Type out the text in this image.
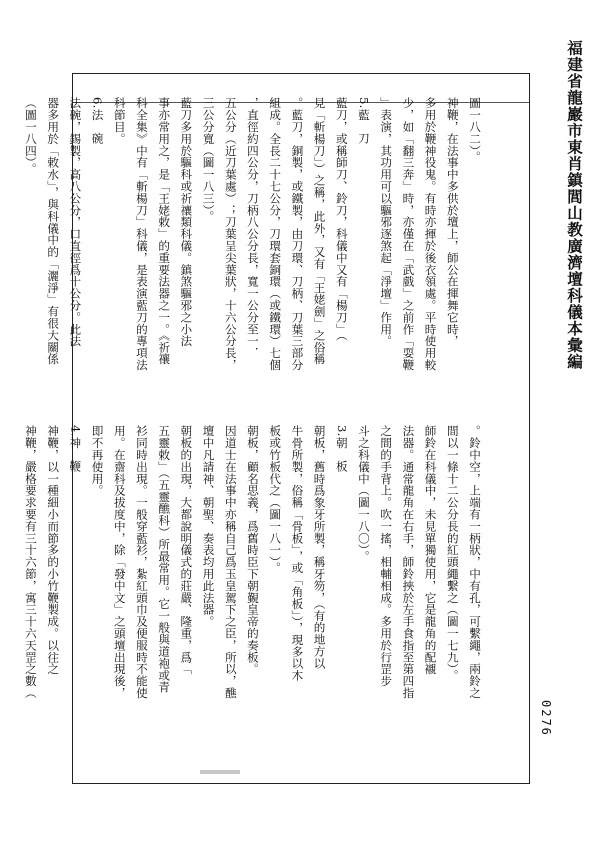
福建省龍巖市東肖鎮閭山教廣濟壇科儀本彙編
圖一八二）。
神鞭，在法事中多供於壇上，師公在揮舞它時，
多用於鞭神役鬼。有時亦揮於後衣領處。平時使用較
少，如「翻三奔」時，亦僅在「武戲」之前作「耍鞭
」表演，其功用可以驅邪逐煞起「淨壇」作用。
5.藍　刀
藍刀，或稱師刀、鈴刀，科儀中又有「楊刀」（
見「斬楊刀」）之稱，此外，又有「王姥劍」之俗稱
。藍刀，銅製，或鐵製，由刀環、刀柄、刀葉三部分
組成。全長二十七公分，刀環套銅環（或鐵環）七個
，直徑約四公分，刀柄八公分長，寬一公分至一．
五公分（近刀葉處）；刀葉呈尖葉狀，十六公分長，
三公分寬（圖一八三）。
藍刀多用於驅科或祈禳類科儀。鎮煞驅邪之小法
事亦常用之，是「王姥敕」的重要法器之一。《祈禳
科全集》中有「斬楊刀」科儀，是表演藍刀的專項法
科節目。
6.法　碗
法碗，錫製，高八公分，口直徑爲十公分。此法
器多用於「敕水」，與科儀中的「灑淨」有很大關係
（圖一八四）。
。鈴中空，上端有一柄狀，中有孔，可繫繩，兩鈴之
間以一條十二公分長的紅頭繩繫之（圖一七九）。
師鈴在科儀中，未見單獨使用，它是龍角的配襯
法器。通常龍角在右手，師鈴挾於左手食指至第四指
之間的手背上。吹一搖，相輔相成。多用於行罡步
斗之科儀中（圖一八〇）。
3.朝　板
朝板，舊時爲象牙所製，稱牙笏，（有的地方以
牛骨所製，俗稱「骨板」，或「角板」），現多以木
板或竹板代之（圖一八一）。
朝板，顧名思義，爲舊時臣下朝覲皇帝的奏板。
因道士在法事中亦稱自己爲玉皇駕下之臣，所以，醮
壇中凡請神、朝聖、奏表均用此法器。
朝板的出現，大都說明儀式的莊嚴、隆重，爲「
五靈敕」（五靈醮科）所最常用。它一般與道袍或青
衫同時出現。一般穿藍衫，紮紅頭巾及便服時不能使
用。在齋科及拔度中，除「發中文」之頭壇出現後，
即不再使用。
4.神　鞭
神鞭，以一種細小而節多的小竹鞭製成。以往之
神鞭，嚴格要求要有三十六節，寓三十六天罡之數（
0276
